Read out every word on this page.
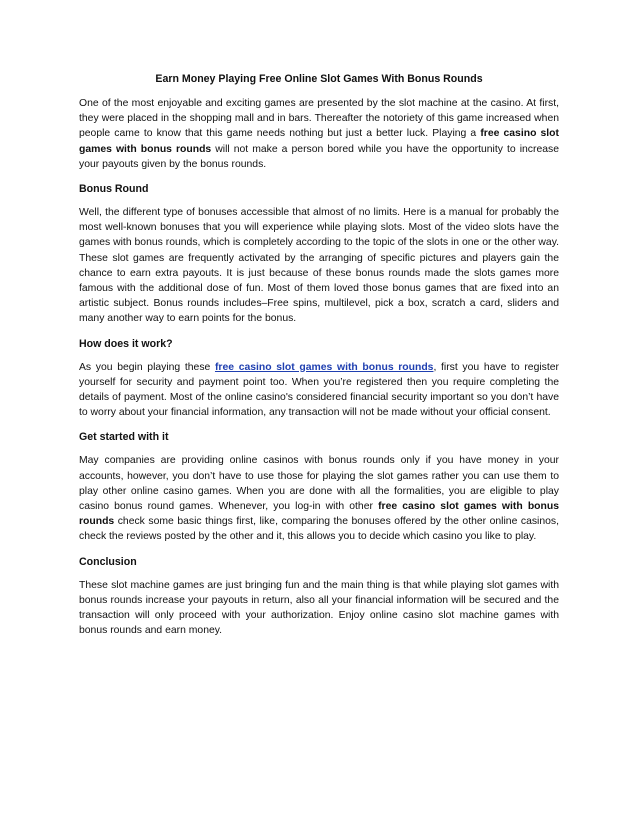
Earn Money Playing Free Online Slot Games With Bonus Rounds

One of the most enjoyable and exciting games are presented by the slot machine at the casino. At first, they were placed in the shopping mall and in bars. Thereafter the notoriety of this game increased when people came to know that this game needs nothing but just a better luck. Playing a free casino slot games with bonus rounds will not make a person bored while you have the opportunity to increase your payouts given by the bonus rounds.

Bonus Round

Well, the different type of bonuses accessible that almost of no limits. Here is a manual for probably the most well-known bonuses that you will experience while playing slots. Most of the video slots have the games with bonus rounds, which is completely according to the topic of the slots in one or the other way. These slot games are frequently activated by the arranging of specific pictures and players gain the chance to earn extra payouts. It is just because of these bonus rounds made the slots games more famous with the additional dose of fun. Most of them loved those bonus games that are fixed into an artistic subject. Bonus rounds includes–Free spins, multilevel, pick a box, scratch a card, sliders and many another way to earn points for the bonus.

How does it work?

As you begin playing these free casino slot games with bonus rounds, first you have to register yourself for security and payment point too. When you’re registered then you require completing the details of payment. Most of the online casino's considered financial security important so you don’t have to worry about your financial information, any transaction will not be made without your official consent.

Get started with it

May companies are providing online casinos with bonus rounds only if you have money in your accounts, however, you don’t have to use those for playing the slot games rather you can use them to play other online casino games. When you are done with all the formalities, you are eligible to play casino bonus round games. Whenever, you log-in with other free casino slot games with bonus rounds check some basic things first, like, comparing the bonuses offered by the other online casinos, check the reviews posted by the other and it, this allows you to decide which casino you like to play.

Conclusion

These slot machine games are just bringing fun and the main thing is that while playing slot games with bonus rounds increase your payouts in return, also all your financial information will be secured and the transaction will only proceed with your authorization. Enjoy online casino slot machine games with bonus rounds and earn money.
